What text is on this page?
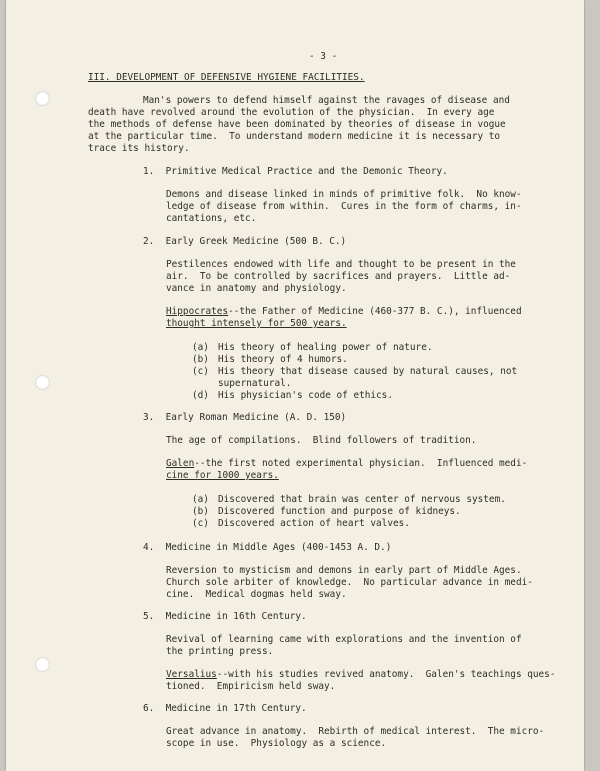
- 3 -
III. DEVELOPMENT OF DEFENSIVE HYGIENE FACILITIES.
Man's powers to defend himself against the ravages of disease and
death have revolved around the evolution of the physician.  In every age
the methods of defense have been dominated by theories of disease in vogue
at the particular time.  To understand modern medicine it is necessary to
trace its history.
1.  Primitive Medical Practice and the Demonic Theory.
Demons and disease linked in minds of primitive folk.  No know-
ledge of disease from within.  Cures in the form of charms, in-
cantations, etc.
2.  Early Greek Medicine (500 B. C.)
Pestilences endowed with life and thought to be present in the
air.  To be controlled by sacrifices and prayers.  Little ad-
vance in anatomy and physiology.
Hippocrates--the Father of Medicine (460-377 B. C.), influenced
thought intensely for 500 years.
(a) His theory of healing power of nature.
(b) His theory of 4 humors.
(c) His theory that disease caused by natural causes, not
supernatural.
(d) His physician's code of ethics.
3.  Early Roman Medicine (A. D. 150)
The age of compilations.  Blind followers of tradition.
Galen--the first noted experimental physician.  Influenced medi-
cine for 1000 years.
(a) Discovered that brain was center of nervous system.
(b) Discovered function and purpose of kidneys.
(c) Discovered action of heart valves.
4.  Medicine in Middle Ages (400-1453 A. D.)
Reversion to mysticism and demons in early part of Middle Ages.
Church sole arbiter of knowledge.  No particular advance in medi-
cine.  Medical dogmas held sway.
5.  Medicine in 16th Century.
Revival of learning came with explorations and the invention of
the printing press.
Versalius--with his studies revived anatomy.  Galen's teachings ques-
tioned.  Empiricism held sway.
6.  Medicine in 17th Century.
Great advance in anatomy.  Rebirth of medical interest.  The micro-
scope in use.  Physiology as a science.
